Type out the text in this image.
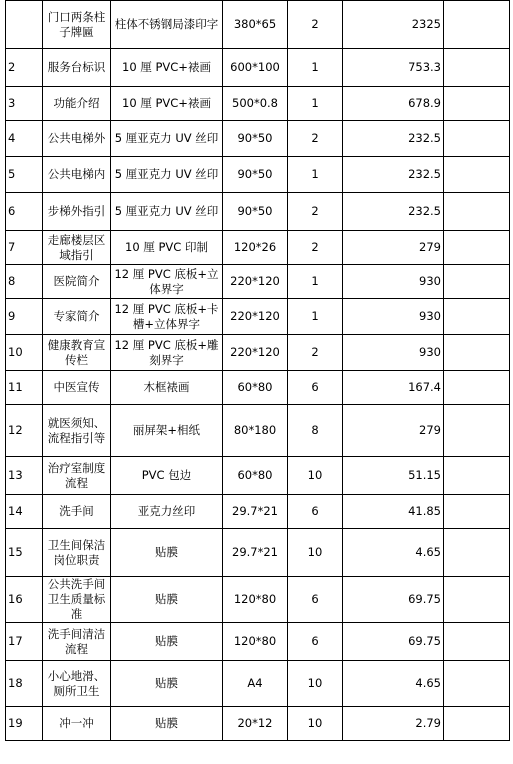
	门口两条柱子牌匾	柱体不锈钢局漆印字	380*65	2	2325	
2	服务台标识	10 厘 PVC+裱画	600*100	1	753.3	
3	功能介绍	10 厘 PVC+裱画	500*0.8	1	678.9	
4	公共电梯外	5 厘亚克力 UV 丝印	90*50	2	232.5	
5	公共电梯内	5 厘亚克力 UV 丝印	90*50	1	232.5	
6	步梯外指引	5 厘亚克力 UV 丝印	90*50	2	232.5	
7	走廊楼层区域指引	10 厘 PVC 印制	120*26	2	279	
8	医院简介	12 厘 PVC 底板+立体界字	220*120	1	930	
9	专家简介	12 厘 PVC 底板+卡槽+立体界字	220*120	1	930	
10	健康教育宣传栏	12 厘 PVC 底板+雕刻界字	220*120	2	930	
11	中医宣传	木框裱画	60*80	6	167.4	
12	就医须知、流程指引等	丽屏架+相纸	80*180	8	279	
13	治疗室制度流程	PVC 包边	60*80	10	51.15	
14	洗手间	亚克力丝印	29.7*21	6	41.85	
15	卫生间保洁岗位职责	贴膜	29.7*21	10	4.65	
16	公共洗手间卫生质量标准	贴膜	120*80	6	69.75	
17	洗手间清洁流程	贴膜	120*80	6	69.75	
18	小心地滑、厕所卫生	贴膜	A4	10	4.65	
19	冲一冲	贴膜	20*12	10	2.79	
